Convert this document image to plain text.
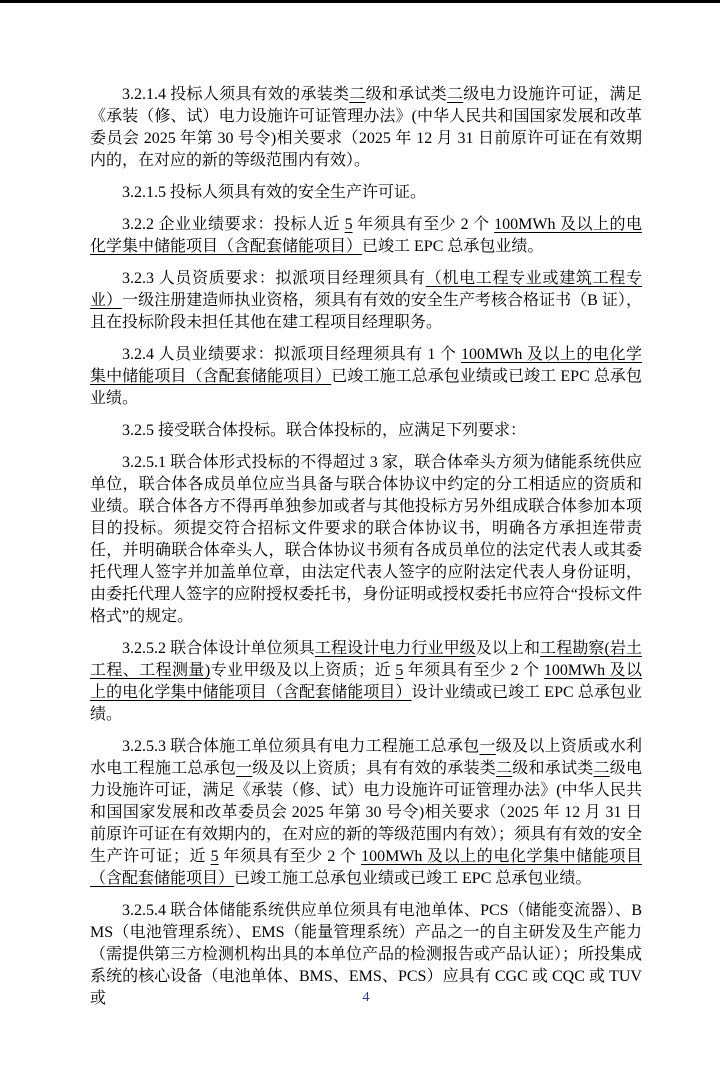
3.2.1.4 投标人须具有效的承装类二级和承试类二级电力设施许可证，满足《承装（修、试）电力设施许可证管理办法》(中华人民共和国国家发展和改革委员会 2025 年第 30 号令)相关要求（2025 年 12 月 31 日前原许可证在有效期内的，在对应的新的等级范围内有效）。

3.2.1.5 投标人须具有效的安全生产许可证。

3.2.2 企业业绩要求：投标人近 5 年须具有至少 2 个 100MWh 及以上的电化学集中储能项目（含配套储能项目）已竣工 EPC 总承包业绩。

3.2.3 人员资质要求：拟派项目经理须具有（机电工程专业或建筑工程专业）一级注册建造师执业资格，须具有有效的安全生产考核合格证书（B 证），且在投标阶段未担任其他在建工程项目经理职务。

3.2.4 人员业绩要求：拟派项目经理须具有 1 个 100MWh 及以上的电化学集中储能项目（含配套储能项目）已竣工施工总承包业绩或已竣工 EPC 总承包业绩。

3.2.5 接受联合体投标。联合体投标的，应满足下列要求：

3.2.5.1 联合体形式投标的不得超过 3 家，联合体牵头方须为储能系统供应单位，联合体各成员单位应当具备与联合体协议中约定的分工相适应的资质和业绩。联合体各方不得再单独参加或者与其他投标方另外组成联合体参加本项目的投标。须提交符合招标文件要求的联合体协议书，明确各方承担连带责任，并明确联合体牵头人，联合体协议书须有各成员单位的法定代表人或其委托代理人签字并加盖单位章，由法定代表人签字的应附法定代表人身份证明，由委托代理人签字的应附授权委托书，身份证明或授权委托书应符合“投标文件格式”的规定。

3.2.5.2 联合体设计单位须具工程设计电力行业甲级及以上和工程勘察(岩土工程、工程测量)专业甲级及以上资质；近 5 年须具有至少 2 个 100MWh 及以上的电化学集中储能项目（含配套储能项目）设计业绩或已竣工 EPC 总承包业绩。

3.2.5.3 联合体施工单位须具有电力工程施工总承包一级及以上资质或水利水电工程施工总承包一级及以上资质；具有有效的承装类二级和承试类二级电力设施许可证，满足《承装（修、试）电力设施许可证管理办法》(中华人民共和国国家发展和改革委员会 2025 年第 30 号令)相关要求（2025 年 12 月 31 日前原许可证在有效期内的，在对应的新的等级范围内有效）；须具有有效的安全生产许可证；近 5 年须具有至少 2 个 100MWh 及以上的电化学集中储能项目（含配套储能项目）已竣工施工总承包业绩或已竣工 EPC 总承包业绩。

3.2.5.4 联合体储能系统供应单位须具有电池单体、PCS（储能变流器）、BMS（电池管理系统）、EMS（能量管理系统）产品之一的自主研发及生产能力（需提供第三方检测机构出具的本单位产品的检测报告或产品认证）；所投集成系统的核心设备（电池单体、BMS、EMS、PCS）应具有 CGC 或 CQC 或 TUV 或	4
